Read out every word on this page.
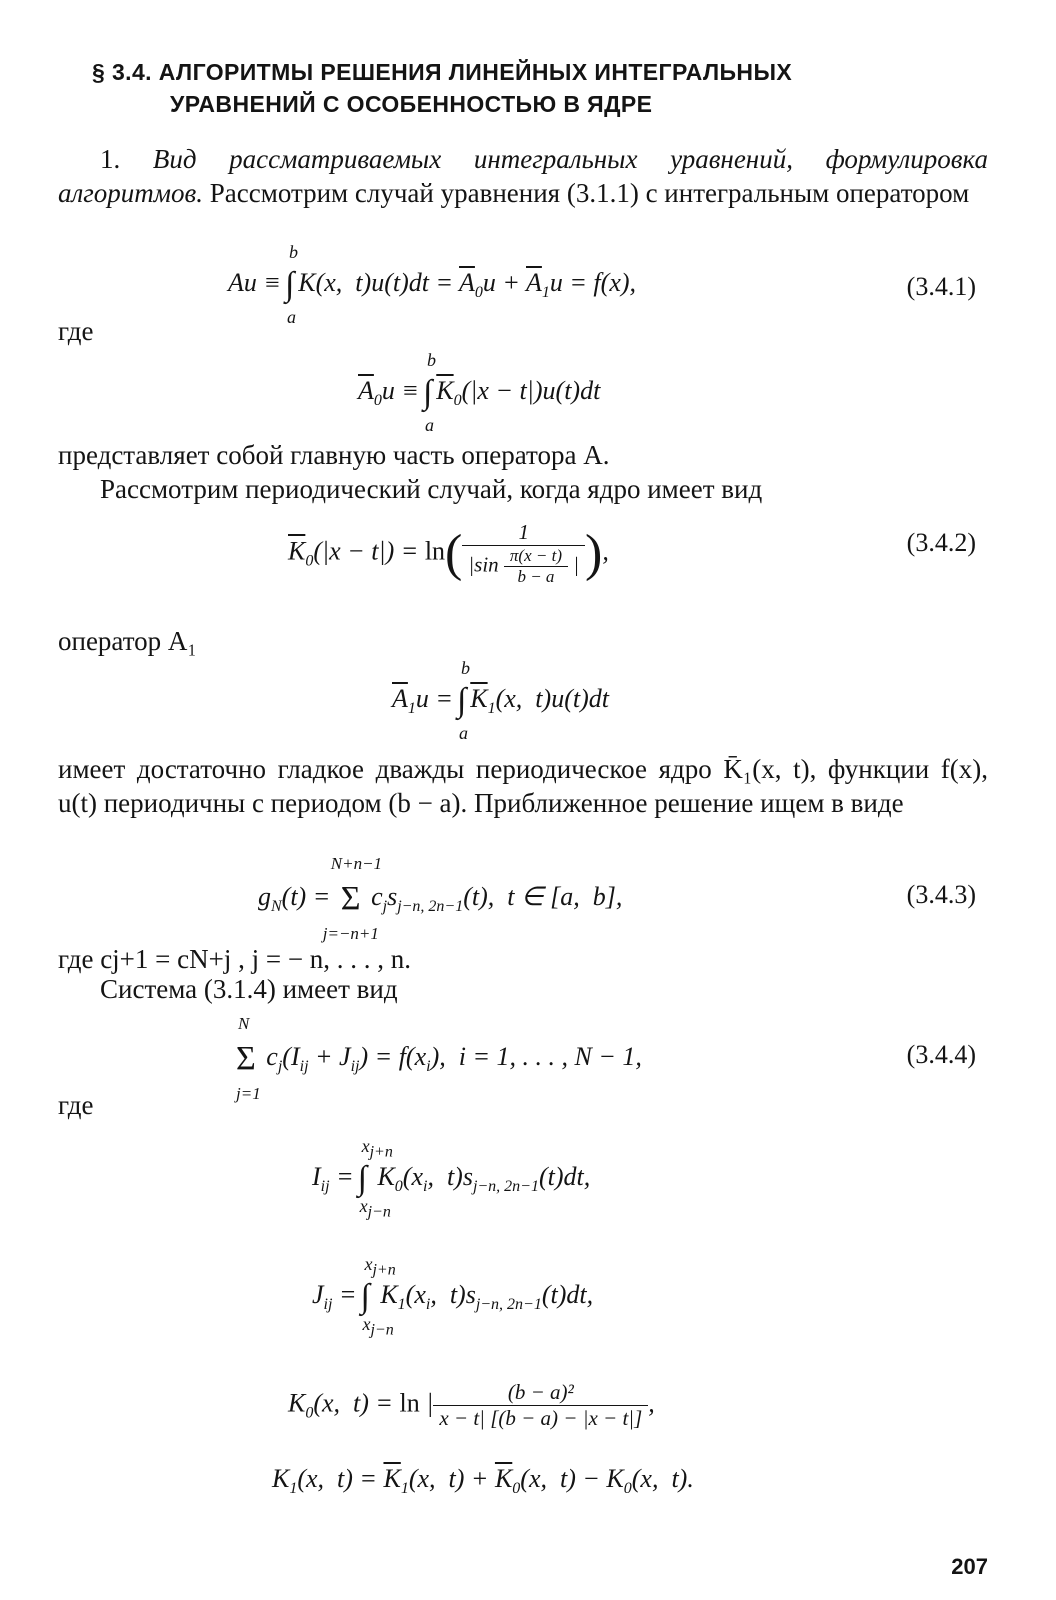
§ 3.4. АЛГОРИТМЫ РЕШЕНИЯ ЛИНЕЙНЫХ ИНТЕГРАЛЬНЫХ
УРАВНЕНИЙ С ОСОБЕННОСТЬЮ В ЯДРЕ
1. Вид рассматриваемых интегральных уравнений, формулировка алгоритмов. Рассмотрим случай уравнения (3.1.1) с интегральным оператором
Au ≡ ∫
b
a
K(x,  $t)u(t)dt = \overline{A}_0u + \overline{A}_1u = f(x)$,	(3.4.1)
где
$\overline{A}_0u$ ≡ ∫
b
a
$\overline{K}_0(|x - t|)u(t)dt$
представляет собой главную часть оператора A.
Рассмотрим периодический случай, когда ядро имеет вид
$\overline{K}_0(|x - t|) = \ln( \frac{1}{|\sin \frac{\pi(x - t)}{b - a} |}$ ),	(3.4.2)
оператор A₁
$\overline{A}_1u$ = ∫
b
a
$\overline{K}_1(x$,  t)u(t)dt
имеет достаточно гладкое дважды периодическое ядро K̄₁(x, t), функции f(x), u(t) периодичны с периодом (b − a). Приближенное решение ищем в виде
$g_N(t) = \Sigma$
N+n−1
j=−n+1
$c_js_{j-n, 2n-1}(t)$,  t ∈ [a,  b],	(3.4.3)
где cj+1 = cN+j , j = − n, . . . , n.
Система (3.1.4) имеет вид
Σ
N
j=1
$c_j(I_{ij} + J_{ij}) = f(x_i)$,  i = 1, . . . , N − 1,	(3.4.4)
где
$I_{ij}$ = ∫
$x_{j+n}$
$x_{j-n}$
$K_0(x_i$,  $t)s_{j-n, 2n-1}(t)dt$,
$J_{ij}$ = ∫
$x_{j+n}$
$x_{j-n}$
$K_1(x_i$,  $t)s_{j-n, 2n-1}(t)dt$,
$K_0(x$,  t) = ln | $\frac{\text{(b − a)²}}{x - t| [(b - a) - |x - t|]}$ ,
$K_1(x$,  $t) = \overline{K}_1(x$,  $t) + \overline{K}_0(x$,  $t) - K_0(x$,  t).
207
